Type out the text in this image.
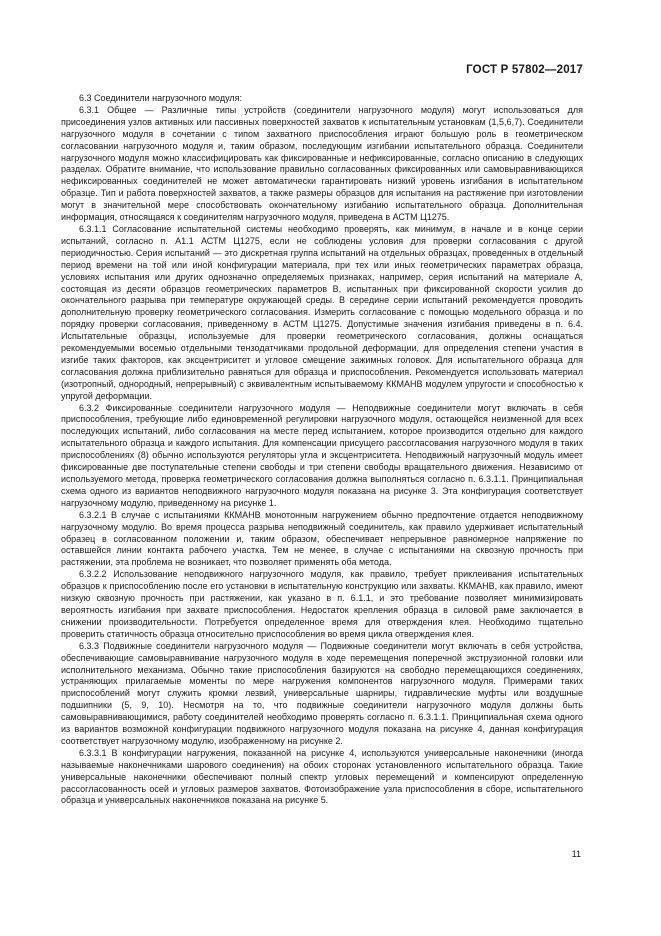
ГОСТ Р 57802—2017

6.3 Соединители нагрузочного модуля:

6.3.1 Общее — Различные типы устройств (соединители нагрузочного модуля) могут использоваться для присоединения узлов активных или пассивных поверхностей захватов к испытательным установкам (1,5,6,7). Соединители нагрузочного модуля в сочетании с типом захватного приспособления играют большую роль в геометрическом согласовании нагрузочного модуля и, таким образом, последующим изгибании испытательного образца. Соединители нагрузочного модуля можно классифицировать как фиксированные и нефиксированные, согласно описанию в следующих разделах. Обратите внимание, что использование правильно согласованных фиксированных или самовыравнивающихся нефиксированных соединителей не может автоматически гарантировать низкий уровень изгибания в испытательном образце. Тип и работа поверхностей захватов, а также размеры образцов для испытания на растяжение при изготовлении могут в значительной мере способствовать окончательному изгибанию испытательного образца. Дополнительная информация, относящаяся к соединителям нагрузочного модуля, приведена в АСТМ Ц1275.

6.3.1.1 Согласование испытательной системы необходимо проверять, как минимум, в начале и в конце серии испытаний, согласно п. А1.1 АСТМ Ц1275, если не соблюдены условия для проверки согласования с другой периодичностью. Серия испытаний — это дискретная группа испытаний на отдельных образцах, проведенных в отдельный период времени на той или иной конфигурации материала, при тех или иных геометрических параметрах образца, условиях испытания или других однозначно определяемых признаках, например, серия испытаний на материале А, состоящая из десяти образцов геометрических параметров В, испытанных при фиксированной скорости усилия до окончательного разрыва при температуре окружающей среды. В середине серии испытаний рекомендуется проводить дополнительную проверку геометрического согласования. Измерить согласование с помощью модельного образца и по порядку проверки согласования, приведенному в АСТМ Ц1275. Допустимые значения изгибания приведены в п. 6.4. Испытательные образцы, используемые для проверки геометрического согласования, должны оснащаться рекомендуемыми восемью отдельными тензодатчиками продольной деформации, для определения степени участия в изгибе таких факторов, как эксцентриситет и угловое смещение зажимных головок. Для испытательного образца для согласования должна приблизительно равняться для образца и приспособления. Рекомендуется использовать материал (изотропный, однородный, непрерывный) с эквивалентным испытываемому ККМАНВ модулем упругости и способностью к упругой деформации.

6.3.2 Фиксированные соединители нагрузочного модуля — Неподвижные соединители могут включать в себя приспособления, требующие либо единовременной регулировки нагрузочного модуля, остающейся неизменной для всех последующих испытаний, либо согласования на месте перед испытанием, которое производится отдельно для каждого испытательного образца и каждого испытания. Для компенсации присущего рассогласования нагрузочного модуля в таких приспособлениях (8) обычно используются регуляторы угла и эксцентриситета. Неподвижный нагрузочный модуль имеет фиксированные две поступательные степени свободы и три степени свободы вращательного движения. Независимо от используемого метода, проверка геометрического согласования должна выполняться согласно п. 6.3.1.1. Принципиальная схема одного из вариантов неподвижного нагрузочного модуля показана на рисунке 3. Эта конфигурация соответствует нагрузочному модулю, приведенному на рисунке 1.

6.3.2.1 В случае с испытаниями ККМАНВ монотонным нагружением обычно предпочтение отдается неподвижному нагрузочному модулю. Во время процесса разрыва неподвижный соединитель, как правило удерживает испытательный образец в согласованном положении и, таким образом, обеспечивает непрерывное равномерное напряжение по оставшейся линии контакта рабочего участка. Тем не менее, в случае с испытаниями на сквозную прочность при растяжении, эта проблема не возникает, что позволяет применять оба метода.

6.3.2.2 Использование неподвижного нагрузочного модуля, как правило, требует приклеивания испытательных образцов к приспособлению после его установки в испытательную конструкцию или захваты. ККМАНВ, как правило, имеют низкую сквозную прочность при растяжении, как указано в п. 6.1.1, и это требование позволяет минимизировать вероятность изгибания при захвате приспособления. Недостаток крепления образца в силовой раме заключается в снижении производительности. Потребуется определенное время для отверждения клея. Необходимо тщательно проверить статичность образца относительно приспособления во время цикла отверждения клея.

6.3.3 Подвижные соединители нагрузочного модуля — Подвижные соединители могут включать в себя устройства, обеспечивающие самовыравнивание нагрузочного модуля в ходе перемещения поперечной экструзионной головки или исполнительного механизма. Обычно такие приспособления базируются на свободно перемещающихся соединениях, устраняющих прилагаемые моменты по мере нагружения компонентов нагрузочного модуля. Примерами таких приспособлений могут служить кромки лезвий, универсальные шарниры, гидравлические муфты или воздушные подшипники (5, 9, 10). Несмотря на то, что подвижные соединители нагрузочного модуля должны быть самовыравнивающимися, работу соединителей необходимо проверять согласно п. 6.3.1.1. Принципиальная схема одного из вариантов возможной конфигурации подвижного нагрузочного модуля показана на рисунке 4, данная конфигурация соответствует нагрузочному модулю, изображенному на рисунке 2.

6.3.3.1 В конфигурации нагружения, показанной на рисунке 4, используются универсальные наконечники (иногда называемые наконечниками шарового соединения) на обоих сторонах установленного испытательного образца. Такие универсальные наконечники обеспечивают полный спектр угловых перемещений и компенсируют определенную рассогласованность осей и угловых размеров захватов. Фотоизображение узла приспособления в сборе, испытательного образца и универсальных наконечников показана на рисунке 5.

11
